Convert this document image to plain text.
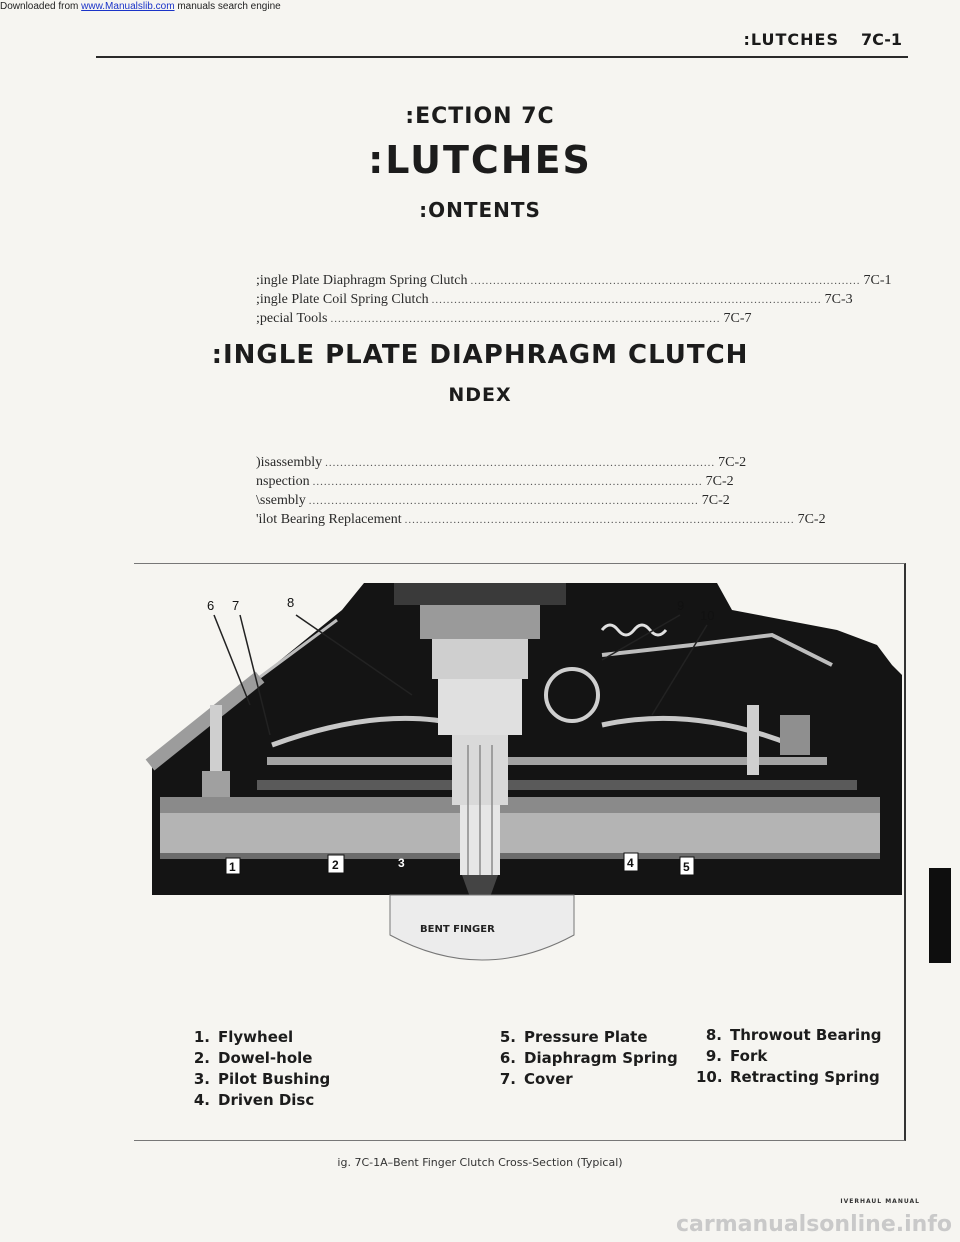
Downloaded from www.Manualslib.com manuals search engine
:LUTCHES 7C-1
:ECTION 7C
:LUTCHES
:ONTENTS
;ingle Plate Diaphragm Spring Clutch ........................................................................................................ 7C-1
;ingle Plate Coil Spring Clutch ........................................................................................................ 7C-3
;pecial Tools ........................................................................................................ 7C-7
:INGLE PLATE DIAPHRAGM CLUTCH
NDEX
)isassembly ........................................................................................................ 7C-2
nspection ........................................................................................................ 7C-2
\ssembly ........................................................................................................ 7C-2
'ilot Bearing Replacement ........................................................................................................ 7C-2
6 7	8	9
10
1	2	3	4	5
BENT FINGER
1. Flywheel
2. Dowel-hole
3. Pilot Bushing
4. Driven Disc
5. Pressure Plate
6. Diaphragm Spring
7. Cover
8. Throwout Bearing
9. Fork
10. Retracting Spring
ig. 7C-1A–Bent Finger Clutch Cross-Section (Typical)
IVERHAUL MANUAL
carmanualsonline.info
